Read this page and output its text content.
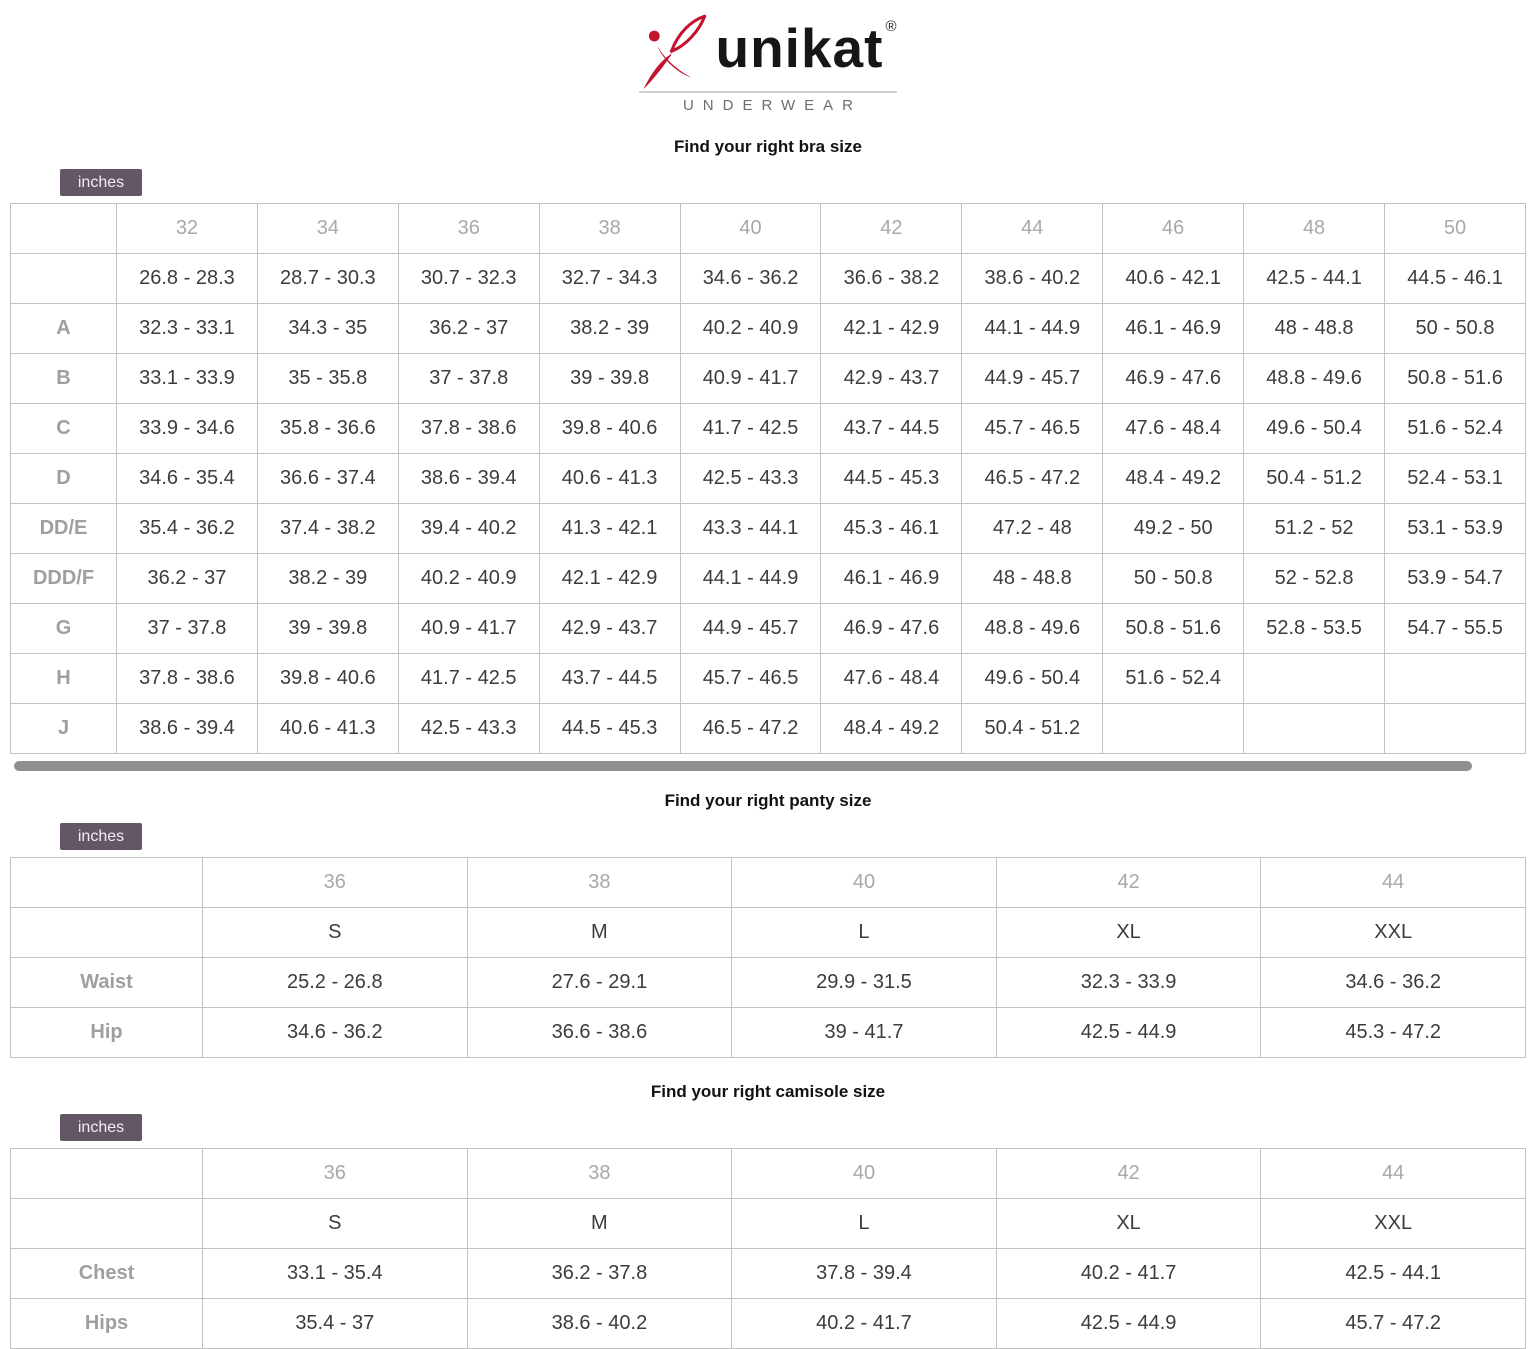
unikat ®
UNDERWEAR
Find your right bra size
inches
	32	34	36	38	40	42	44	46	48	50
	26.8 - 28.3	28.7 - 30.3	30.7 - 32.3	32.7 - 34.3	34.6 - 36.2	36.6 - 38.2	38.6 - 40.2	40.6 - 42.1	42.5 - 44.1	44.5 - 46.1
A	32.3 - 33.1	34.3 - 35	36.2 - 37	38.2 - 39	40.2 - 40.9	42.1 - 42.9	44.1 - 44.9	46.1 - 46.9	48 - 48.8	50 - 50.8
B	33.1 - 33.9	35 - 35.8	37 - 37.8	39 - 39.8	40.9 - 41.7	42.9 - 43.7	44.9 - 45.7	46.9 - 47.6	48.8 - 49.6	50.8 - 51.6
C	33.9 - 34.6	35.8 - 36.6	37.8 - 38.6	39.8 - 40.6	41.7 - 42.5	43.7 - 44.5	45.7 - 46.5	47.6 - 48.4	49.6 - 50.4	51.6 - 52.4
D	34.6 - 35.4	36.6 - 37.4	38.6 - 39.4	40.6 - 41.3	42.5 - 43.3	44.5 - 45.3	46.5 - 47.2	48.4 - 49.2	50.4 - 51.2	52.4 - 53.1
DD/E	35.4 - 36.2	37.4 - 38.2	39.4 - 40.2	41.3 - 42.1	43.3 - 44.1	45.3 - 46.1	47.2 - 48	49.2 - 50	51.2 - 52	53.1 - 53.9
DDD/F	36.2 - 37	38.2 - 39	40.2 - 40.9	42.1 - 42.9	44.1 - 44.9	46.1 - 46.9	48 - 48.8	50 - 50.8	52 - 52.8	53.9 - 54.7
G	37 - 37.8	39 - 39.8	40.9 - 41.7	42.9 - 43.7	44.9 - 45.7	46.9 - 47.6	48.8 - 49.6	50.8 - 51.6	52.8 - 53.5	54.7 - 55.5
H	37.8 - 38.6	39.8 - 40.6	41.7 - 42.5	43.7 - 44.5	45.7 - 46.5	47.6 - 48.4	49.6 - 50.4	51.6 - 52.4		
J	38.6 - 39.4	40.6 - 41.3	42.5 - 43.3	44.5 - 45.3	46.5 - 47.2	48.4 - 49.2	50.4 - 51.2			
Find your right panty size
inches
	36	38	40	42	44
	S	M	L	XL	XXL
Waist	25.2 - 26.8	27.6 - 29.1	29.9 - 31.5	32.3 - 33.9	34.6 - 36.2
Hip	34.6 - 36.2	36.6 - 38.6	39 - 41.7	42.5 - 44.9	45.3 - 47.2
Find your right camisole size
inches
	36	38	40	42	44
	S	M	L	XL	XXL
Chest	33.1 - 35.4	36.2 - 37.8	37.8 - 39.4	40.2 - 41.7	42.5 - 44.1
Hips	35.4 - 37	38.6 - 40.2	40.2 - 41.7	42.5 - 44.9	45.7 - 47.2
